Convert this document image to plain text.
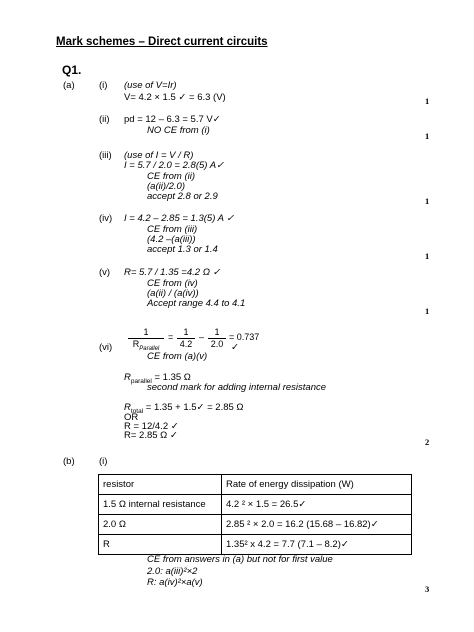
Mark schemes – Direct current circuits
Q1.
(a)	(i) (use of V=Ir)
V= 4.2 × 1.5 ✓ = 6.3 (V)	1
(ii) pd = 12 – 6.3 = 5.7 V✓
NO CE from (i)	1
(iii) (use of I = V / R)
I = 5.7 / 2.0 = 2.8(5) A✓
CE from (ii)
(a(ii)/2.0)
accept 2.8 or 2.9	1
(iv) I = 4.2 – 2.85 = 1.3(5) A ✓
CE from (iii)
(4.2 –(a(iii))
accept 1.3 or 1.4
1
(v) R= 5.7 / 1.35 =4.2 Ω ✓
CE from (iv)
(a(ii) / (a(iv))
Accept range 4.4 to 4.1
1
(vi)
1
$R_{Parallel}$
= $\frac{1}{4.2} - \frac{1}{2.0} = 0.737$
✓
CE from (a)(v)
$R_{parallel} = 1.35$ Ω
second mark for adding internal resistance
$R_{total} = 1.35$ + 1.5✓ = 2.85 Ω
OR
R = 12/4.2 ✓
R= 2.85 Ω ✓
2
(b)	(i)
resistor	Rate of energy dissipation (W)
1.5 Ω internal resistance	4.2 ² × 1.5 = 26.5✓
2.0 Ω	2.85 ² × 2.0 = 16.2 (15.68 – 16.82)✓
R	1.35² x 4.2 = 7.7 (7.1 – 8.2)✓
CE from answers in (a) but not for first value
2.0: a(iii)²×2
R: a(iv)²×a(v)
3
